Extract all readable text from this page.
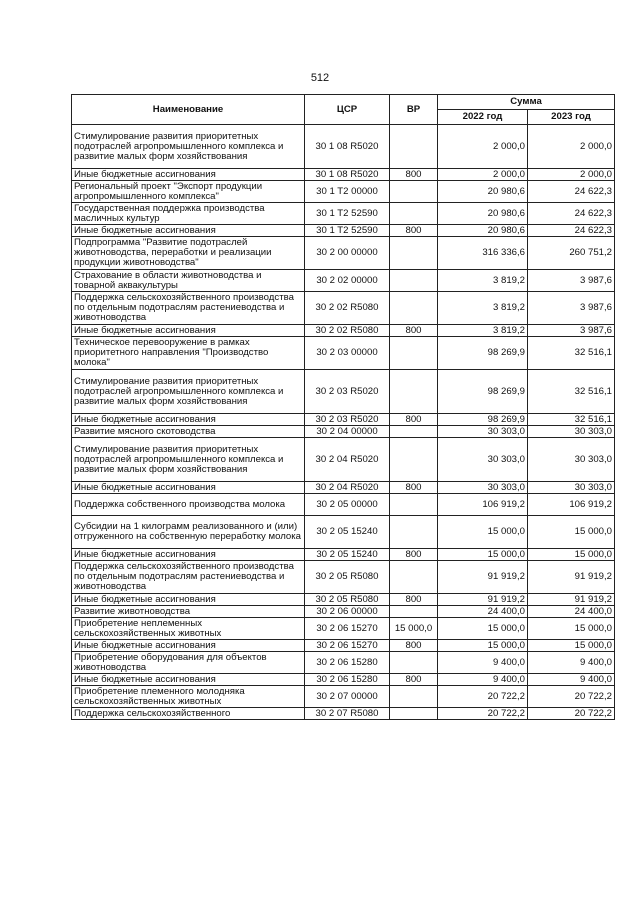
512
Наименование	ЦСР	ВР	Сумма	
			2022 год	2023 год
Стимулирование развития приоритетных подотраслей агропромышленного комплекса и развитие малых форм хозяйствования	30 1 08 R5020		2 000,0	2 000,0
Иные бюджетные ассигнования	30 1 08 R5020	800	2 000,0	2 000,0
Региональный проект "Экспорт продукции агропромышленного комплекса"	30 1 T2 00000		20 980,6	24 622,3
Государственная поддержка производства масличных культур	30 1 T2 52590		20 980,6	24 622,3
Иные бюджетные ассигнования	30 1 T2 52590	800	20 980,6	24 622,3
Подпрограмма "Развитие подотраслей животноводства, переработки и реализации продукции животноводства"	30 2 00 00000		316 336,6	260 751,2
Страхование в области животноводства и товарной аквакультуры	30 2 02 00000		3 819,2	3 987,6
Поддержка сельскохозяйственного производства по отдельным подотраслям растениеводства и животноводства	30 2 02 R5080		3 819,2	3 987,6
Иные бюджетные ассигнования	30 2 02 R5080	800	3 819,2	3 987,6
Техническое перевооружение в рамках приоритетного направления "Производство молока"	30 2 03 00000		98 269,9	32 516,1
Стимулирование развития приоритетных подотраслей агропромышленного комплекса и развитие малых форм хозяйствования	30 2 03 R5020		98 269,9	32 516,1
Иные бюджетные ассигнования	30 2 03 R5020	800	98 269,9	32 516,1
Развитие мясного скотоводства	30 2 04 00000		30 303,0	30 303,0
Стимулирование развития приоритетных подотраслей агропромышленного комплекса и развитие малых форм хозяйствования	30 2 04 R5020		30 303,0	30 303,0
Иные бюджетные ассигнования	30 2 04 R5020	800	30 303,0	30 303,0
Поддержка собственного производства молока	30 2 05 00000		106 919,2	106 919,2
Субсидии на 1 килограмм реализованного и (или) отгруженного на собственную переработку молока	30 2 05 15240		15 000,0	15 000,0
Иные бюджетные ассигнования	30 2 05 15240	800	15 000,0	15 000,0
Поддержка сельскохозяйственного производства по отдельным подотраслям растениеводства и животноводства	30 2 05 R5080		91 919,2	91 919,2
Иные бюджетные ассигнования	30 2 05 R5080	800	91 919,2	91 919,2
Развитие животноводства	30 2 06 00000		24 400,0	24 400,0
Приобретение неплеменных сельскохозяйственных животных	30 2 06 15270	15 000,0	15 000,0	15 000,0
Иные бюджетные ассигнования	30 2 06 15270	800	15 000,0	15 000,0
Приобретение оборудования для объектов животноводства	30 2 06 15280		9 400,0	9 400,0
Иные бюджетные ассигнования	30 2 06 15280	800	9 400,0	9 400,0
Приобретение племенного молодняка сельскохозяйственных животных	30 2 07 00000		20 722,2	20 722,2
Поддержка сельскохозяйственного	30 2 07 R5080		20 722,2	20 722,2
